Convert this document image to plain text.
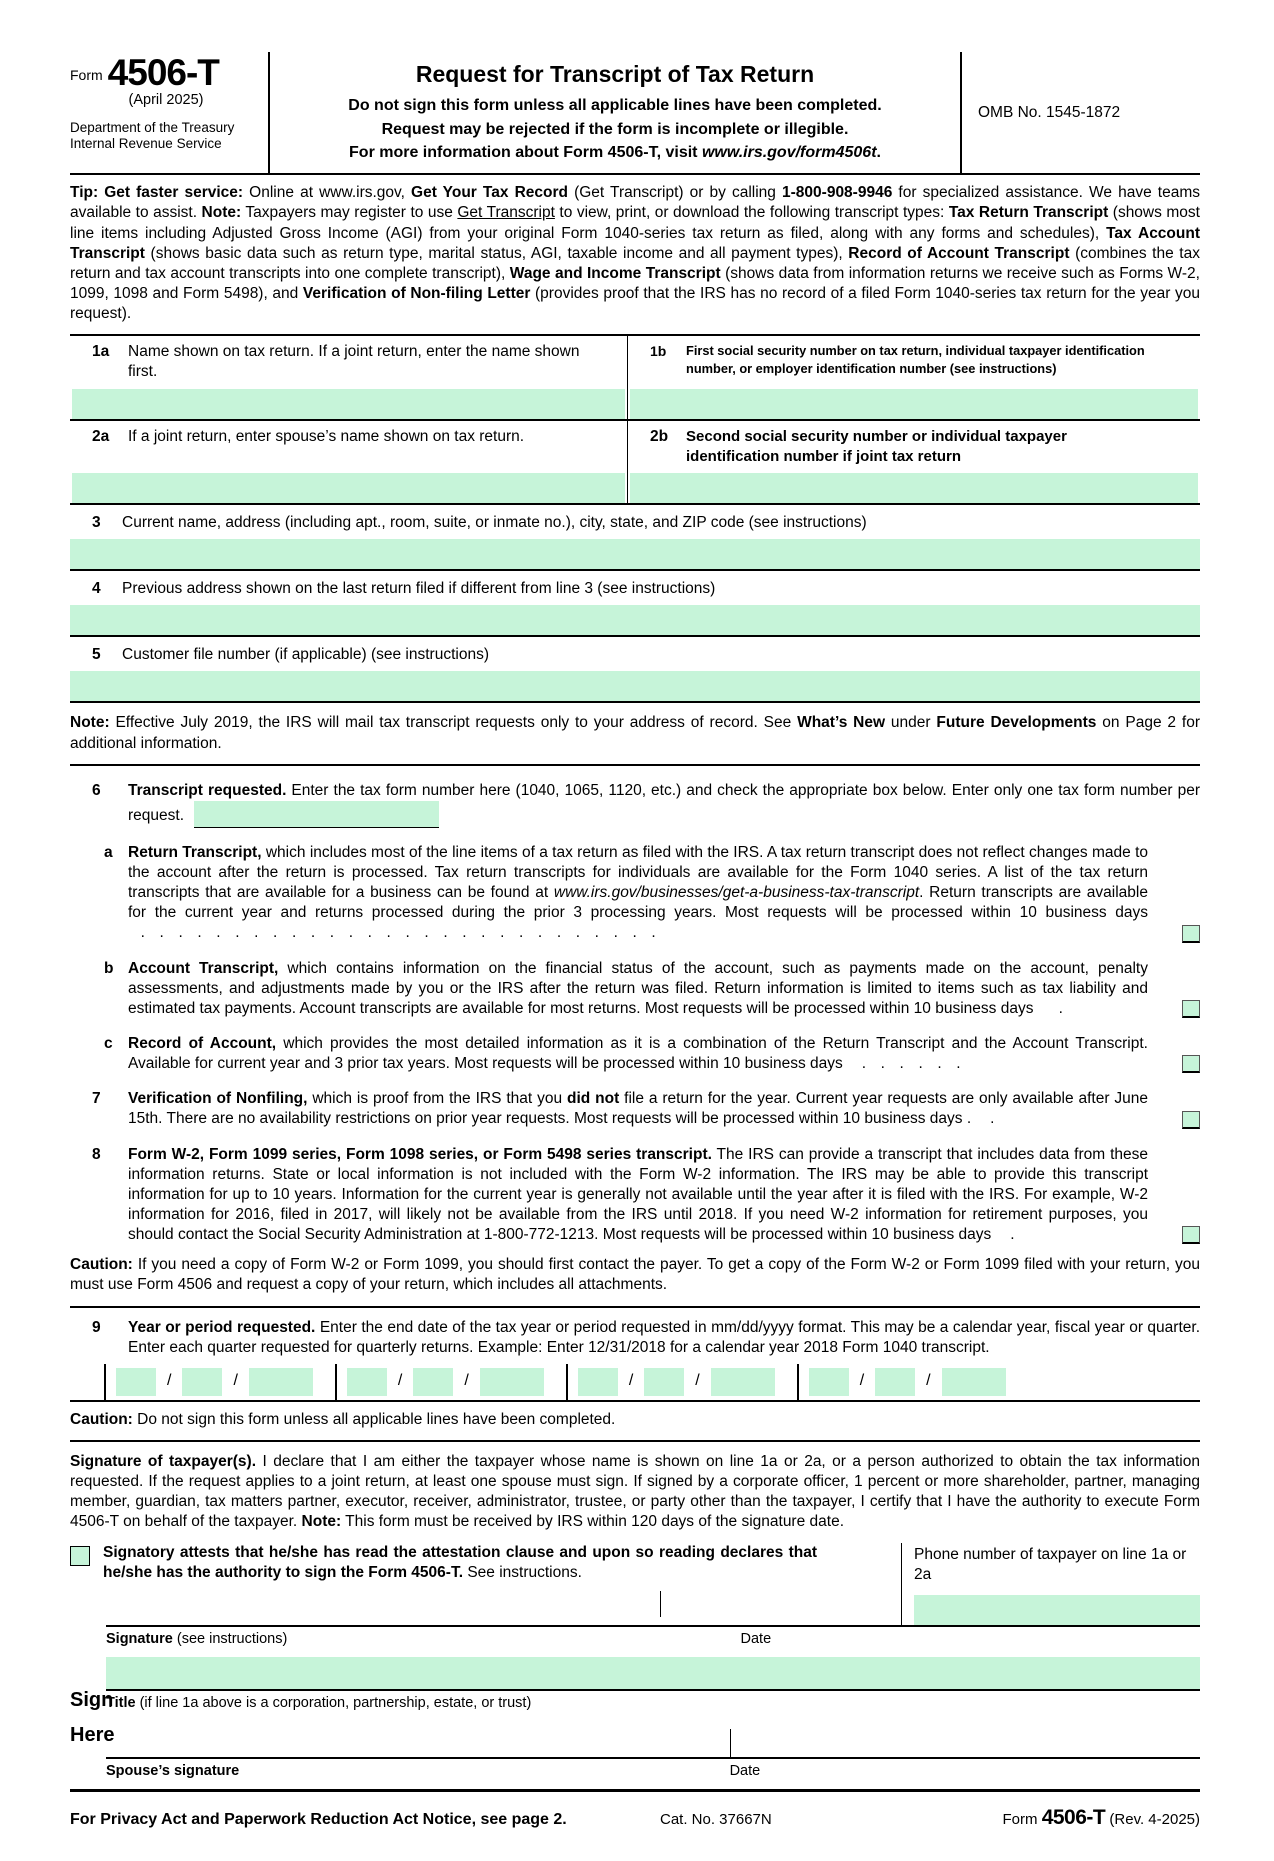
Form 4506-T
(April 2025)
Department of the Treasury
Internal Revenue Service
Request for Transcript of Tax Return
Do not sign this form unless all applicable lines have been completed.
Request may be rejected if the form is incomplete or illegible.
For more information about Form 4506-T, visit www.irs.gov/form4506t.
OMB No. 1545-1872

Tip: Get faster service: Online at www.irs.gov, Get Your Tax Record (Get Transcript) or by calling 1-800-908-9946 for specialized assistance. We have teams available to assist. Note: Taxpayers may register to use Get Transcript to view, print, or download the following transcript types: Tax Return Transcript (shows most line items including Adjusted Gross Income (AGI) from your original Form 1040-series tax return as filed, along with any forms and schedules), Tax Account Transcript (shows basic data such as return type, marital status, AGI, taxable income and all payment types), Record of Account Transcript (combines the tax return and tax account transcripts into one complete transcript), Wage and Income Transcript (shows data from information returns we receive such as Forms W-2, 1099, 1098 and Form 5498), and Verification of Non-filing Letter (provides proof that the IRS has no record of a filed Form 1040-series tax return for the year you request).

1a	Name shown on tax return. If a joint return, enter the name shown first.
1b	First social security number on tax return, individual taxpayer identification number, or employer identification number (see instructions)
2a	If a joint return, enter spouse’s name shown on tax return.	2b	Second social security number or individual taxpayer identification number if joint tax return
3	Current name, address (including apt., room, suite, or inmate no.), city, state, and ZIP code (see instructions)
4	Previous address shown on the last return filed if different from line 3 (see instructions)
5	Customer file number (if applicable) (see instructions)

Note: Effective July 2019, the IRS will mail tax transcript requests only to your address of record. See What’s New under Future Developments on Page 2 for additional information.

6	Transcript requested. Enter the tax form number here (1040, 1065, 1120, etc.) and check the appropriate box below. Enter only one tax form number per request.
a Return Transcript, which includes most of the line items of a tax return as filed with the IRS. A tax return transcript does not reflect changes made to the account after the return is processed. Tax return transcripts for individuals are available for the Form 1040 series. A list of the tax return transcripts that are available for a business can be found at www.irs.gov/businesses/get-a-business-tax-transcript. Return transcripts are available for the current year and returns processed during the prior 3 processing years. Most requests will be processed within 10 business days  .  .  .  .  .  .  .  .  .  .  .  .  .  .  .  .  .  .  .  .  .  .  .  .  .  .  .  .
b Account Transcript, which contains information on the financial status of the account, such as payments made on the account, penalty assessments, and adjustments made by you or the IRS after the return was filed. Return information is limited to items such as tax liability and estimated tax payments. Account transcripts are available for most returns. Most requests will be processed within 10 business days    .
c Record of Account, which provides the most detailed information as it is a combination of the Return Transcript and the Account Transcript. Available for current year and 3 prior tax years. Most requests will be processed within 10 business days   .  .  .  .  .  .
7	Verification of Nonfiling, which is proof from the IRS that you did not file a return for the year. Current year requests are only available after June 15th. There are no availability restrictions on prior year requests. Most requests will be processed within 10 business days .   .
8	Form W-2, Form 1099 series, Form 1098 series, or Form 5498 series transcript. The IRS can provide a transcript that includes data from these information returns. State or local information is not included with the Form W-2 information. The IRS may be able to provide this transcript information for up to 10 years. Information for the current year is generally not available until the year after it is filed with the IRS. For example, W-2 information for 2016, filed in 2017, will likely not be available from the IRS until 2018. If you need W-2 information for retirement purposes, you should contact the Social Security Administration at 1-800-772-1213. Most requests will be processed within 10 business days   .

Caution: If you need a copy of Form W-2 or Form 1099, you should first contact the payer. To get a copy of the Form W-2 or Form 1099 filed with your return, you must use Form 4506 and request a copy of your return, which includes all attachments.

9	Year or period requested. Enter the end date of the tax year or period requested in mm/dd/yyyy format. This may be a calendar year, fiscal year or quarter. Enter each quarter requested for quarterly returns. Example: Enter 12/31/2018 for a calendar year 2018 Form 1040 transcript.
/	/	/	/	/	/	/	/

Caution: Do not sign this form unless all applicable lines have been completed.

Signature of taxpayer(s). I declare that I am either the taxpayer whose name is shown on line 1a or 2a, or a person authorized to obtain the tax information requested. If the request applies to a joint return, at least one spouse must sign. If signed by a corporate officer, 1 percent or more shareholder, partner, managing member, guardian, tax matters partner, executor, receiver, administrator, trustee, or party other than the taxpayer, I certify that I have the authority to execute Form 4506-T on behalf of the taxpayer. Note: This form must be received by IRS within 120 days of the signature date.

Signatory attests that he/she has read the attestation clause and upon so reading declares that he/she has the authority to sign the Form 4506-T. See instructions.
Phone number of taxpayer on line 1a or 2a
Signature (see instructions)	Date
Sign
Here
Title (if line 1a above is a corporation, partnership, estate, or trust)
Spouse’s signature	Date
For Privacy Act and Paperwork Reduction Act Notice, see page 2.	Cat. No. 37667N	Form 4506-T (Rev. 4-2025)
